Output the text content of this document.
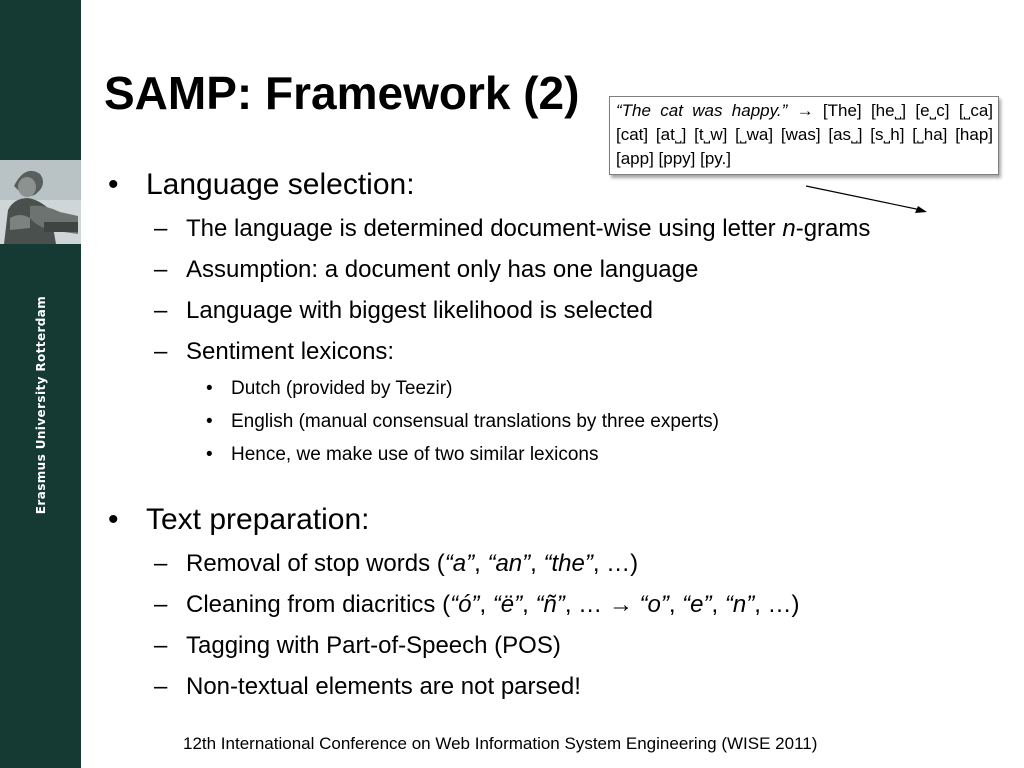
Erasmus University Rotterdam
SAMP: Framework (2)
• Language selection:
– The language is determined document-wise using letter n-grams
– Assumption: a document only has one language
– Language with biggest likelihood is selected
– Sentiment lexicons:
• Dutch (provided by Teezir)
• English (manual consensual translations by three experts)
• Hence, we make use of two similar lexicons
• Text preparation:
– Removal of stop words (“a”, “an”, “the”, …)
– Cleaning from diacritics (“ó”, “ë”, “ñ”, … → “o”, “e”, “n”, …)
– Tagging with Part-of-Speech (POS)
– Non-textual elements are not parsed!
“The cat was happy.” → [The] [he˽] [e˽c] [˽ca] [cat] [at˽] [t˽w] [˽wa] [was] [as˽] [s˽h] [˽ha] [hap] [app] [ppy] [py.]
12th International Conference on Web Information System Engineering (WISE 2011)
